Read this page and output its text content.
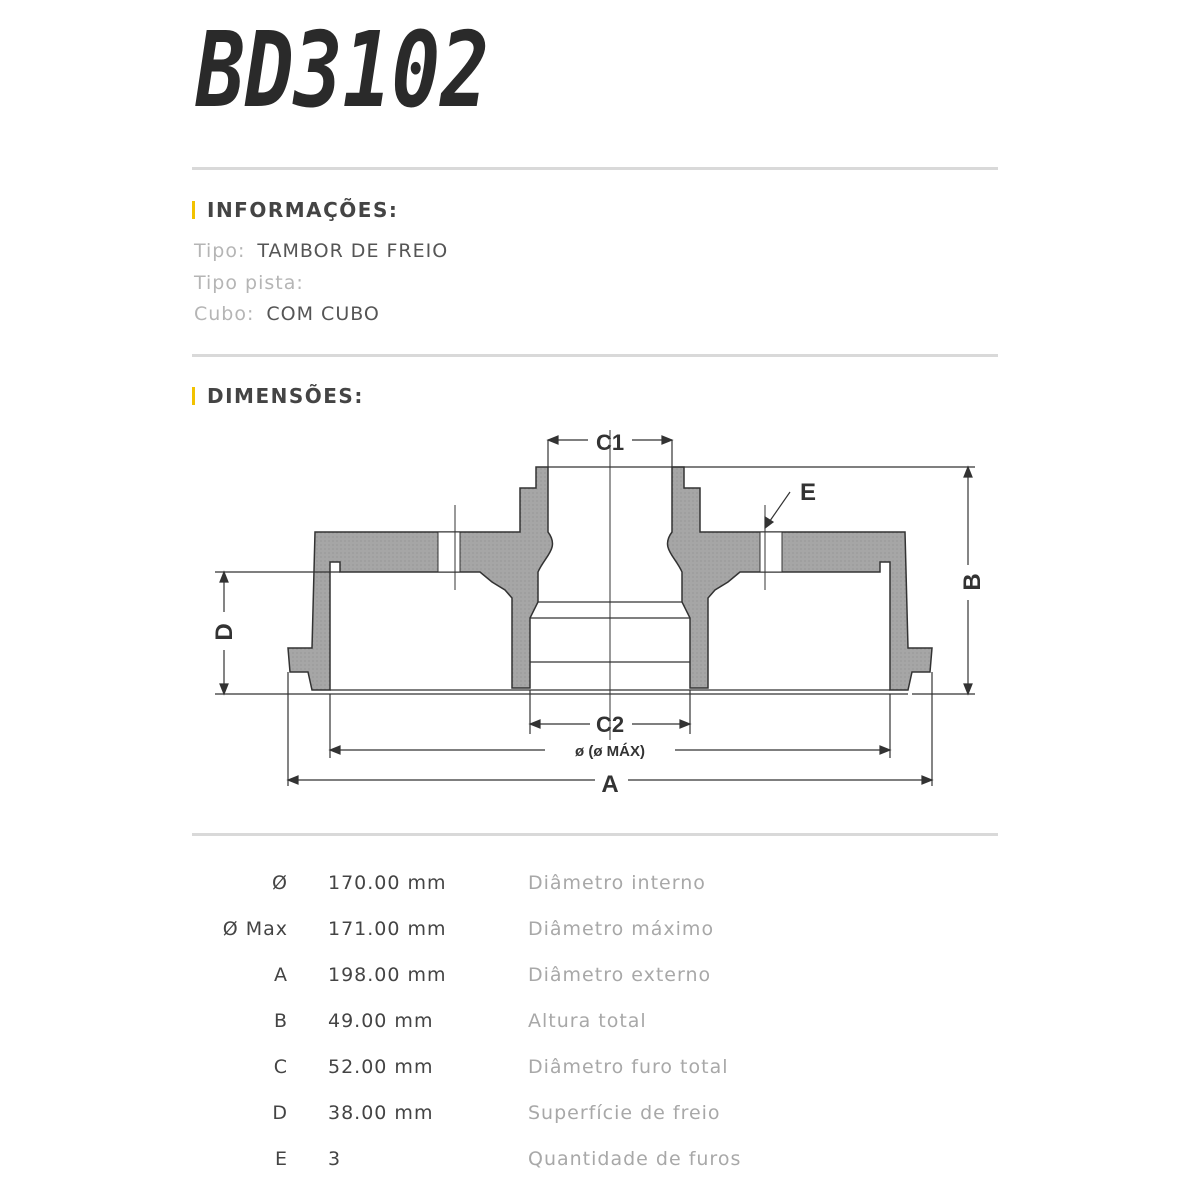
BD3102
INFORMAÇÕES:
Tipo: TAMBOR DE FREIO
Tipo pista:
Cubo: COM CUBO
DIMENSÕES:
C1
C2
ø (ø MÁX)
A
E
B
D
Ø 170.00 mm	Diâmetro interno
Ø Max 171.00 mm	Diâmetro máximo
A 198.00 mm	Diâmetro externo
B 49.00 mm	Altura total
C 52.00 mm	Diâmetro furo total
D 38.00 mm	Superfície de freio
E 3	Quantidade de furos
